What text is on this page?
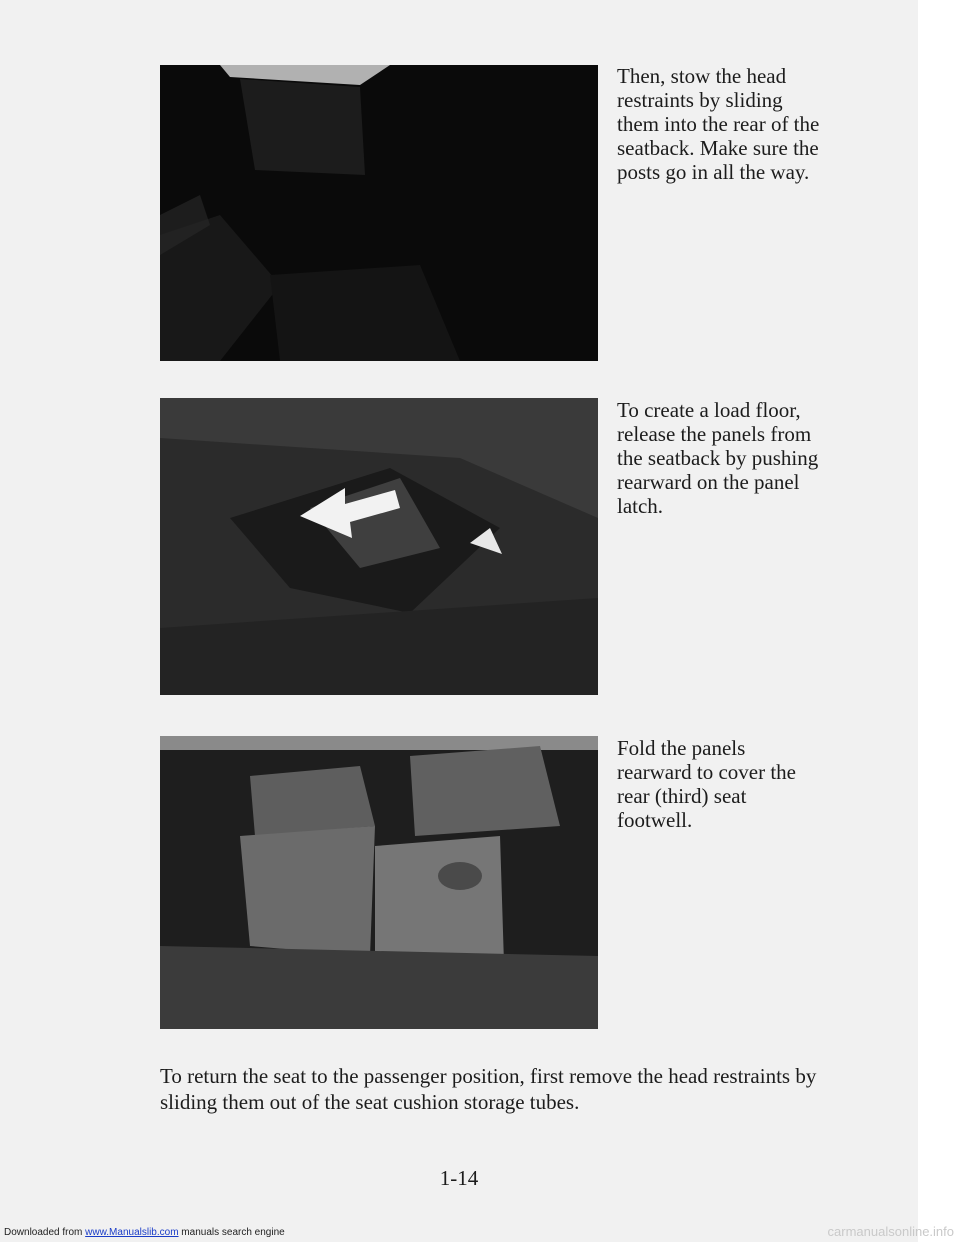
Then, stow the head restraints by sliding them into the rear of the seatback. Make sure the posts go in all the way.
To create a load floor, release the panels from the seatback by pushing rearward on the panel latch.
Fold the panels rearward to cover the rear (third) seat footwell.
To return the seat to the passenger position, first remove the head restraints by sliding them out of the seat cushion storage tubes.
1-14
Downloaded from www.Manualslib.com manuals search engine	carmanualsonline.info
